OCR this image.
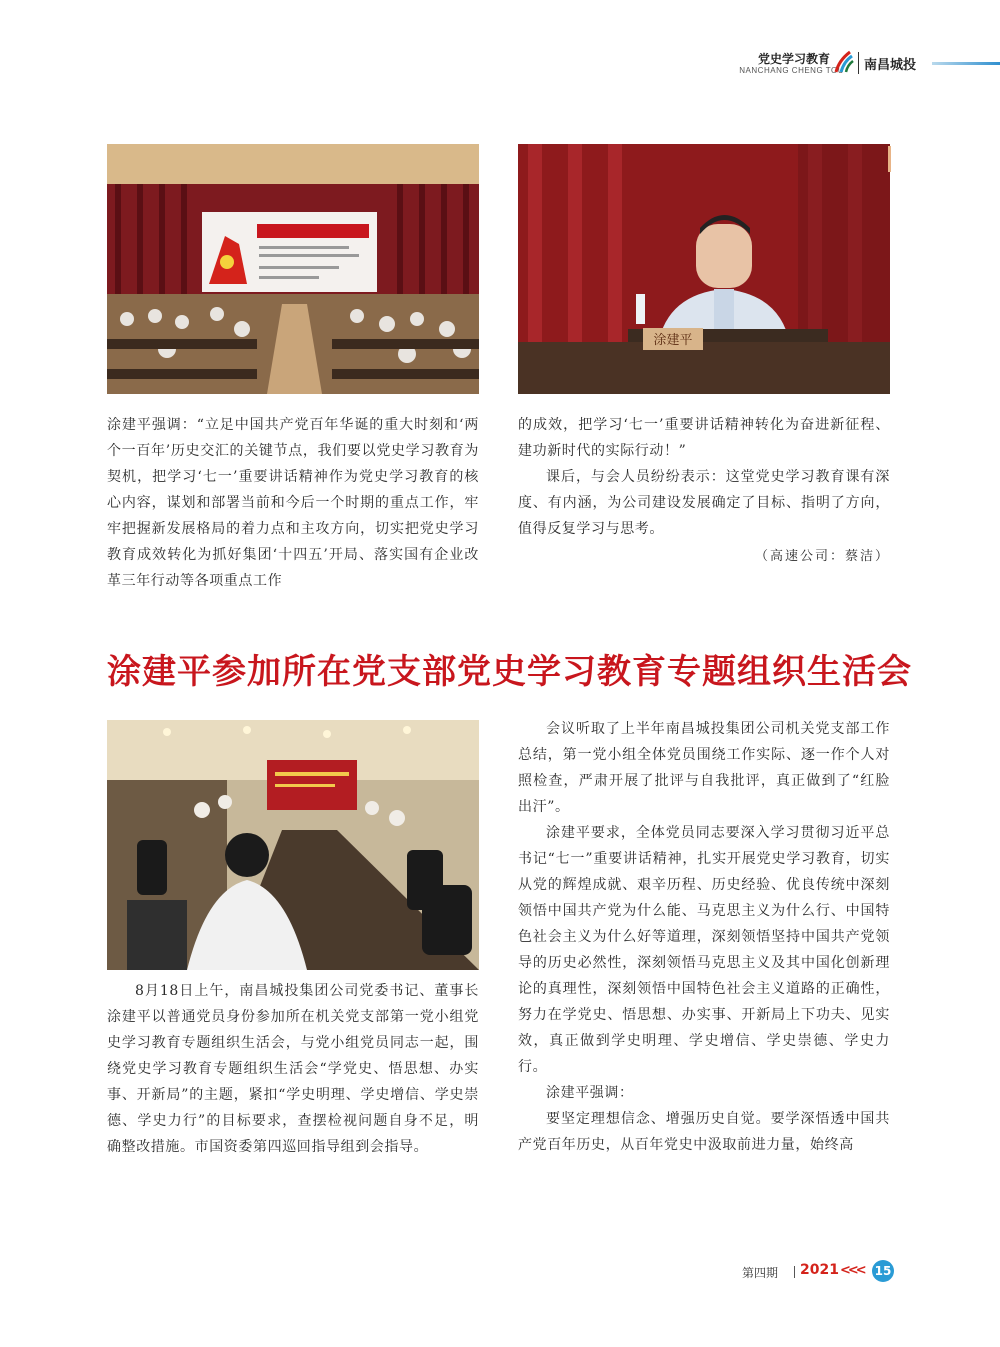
党史学习教育
NANCHANG CHENG TOU 南昌城投
涂建平

涂建平强调：“立足中国共产党百年华诞的重大时刻和‘两个一百年’历史交汇的关键节点，我们要以党史学习教育为契机，把学习‘七一’重要讲话精神作为党史学习教育的核心内容，谋划和部署当前和今后一个时期的重点工作，牢牢把握新发展格局的着力点和主攻方向，切实把党史学习教育成效转化为抓好集团‘十四五’开局、落实国有企业改革三年行动等各项重点工作

的成效，把学习‘七一’重要讲话精神转化为奋进新征程、建功新时代的实际行动！”

课后，与会人员纷纷表示：这堂党史学习教育课有深度、有内涵，为公司建设发展确定了目标、指明了方向，值得反复学习与思考。

（高速公司：蔡洁）

涂建平参加所在党支部党史学习教育专题组织生活会

8月18日上午，南昌城投集团公司党委书记、董事长涂建平以普通党员身份参加所在机关党支部第一党小组党史学习教育专题组织生活会，与党小组党员同志一起，围绕党史学习教育专题组织生活会“学党史、悟思想、办实事、开新局”的主题，紧扣“学史明理、学史增信、学史崇德、学史力行”的目标要求，查摆检视问题自身不足，明确整改措施。市国资委第四巡回指导组到会指导。

会议听取了上半年南昌城投集团公司机关党支部工作总结，第一党小组全体党员围绕工作实际、逐一作个人对照检查，严肃开展了批评与自我批评，真正做到了“红脸出汗”。

涂建平要求，全体党员同志要深入学习贯彻习近平总书记“七一”重要讲话精神，扎实开展党史学习教育，切实从党的辉煌成就、艰辛历程、历史经验、优良传统中深刻领悟中国共产党为什么能、马克思主义为什么行、中国特色社会主义为什么好等道理，深刻领悟坚持中国共产党领导的历史必然性，深刻领悟马克思主义及其中国化创新理论的真理性，深刻领悟中国特色社会主义道路的正确性，努力在学党史、悟思想、办实事、开新局上下功夫、见实效，真正做到学史明理、学史增信、学史崇德、学史力行。

涂建平强调：

要坚定理想信念、增强历史自觉。要学深悟透中国共产党百年历史，从百年党史中汲取前进力量，始终高

第四期 2021 <<< 15
